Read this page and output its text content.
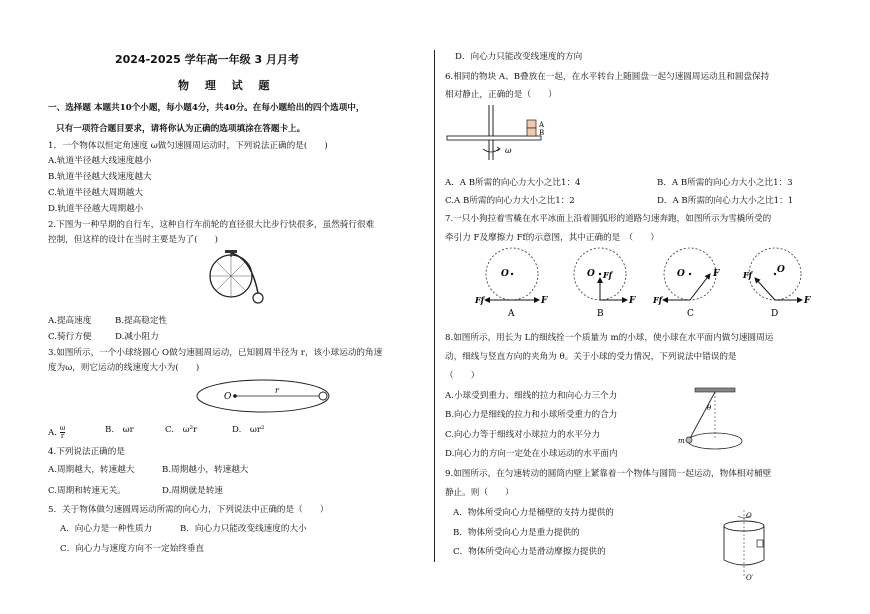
2024-2025 学年高一年级 3 月月考
物 理 试 题
一、选择题 本题共10个小题，每小题4分，共40分。在每小题给出的四个选项中，
只有一项符合题目要求，请将你认为正确的选项填涂在答题卡上。
1．一个物体以恒定角速度 ω做匀速圆周运动时，下列说法正确的是(　　)
A.轨道半径越大线速度越小
B.轨道半径越大线速度越大
C.轨道半径越大周期越大
D.轨道半径越大周期越小
2.下图为一种早期的自行车，这种自行车前轮的直径很大比步行快很多，虽然骑行很难
控制，但这样的设计在当时主要是为了(　　)
A.提高速度	B.提高稳定性
C.骑行方便	D.减小阻力
3.如图所示，一个小球绕圆心 O做匀速圆周运动，已知圆周半径为 r，该小球运动的角速
度为ω，则它运动的线速度大小为(　　)
O
r
A. $\frac{\omega}{r}$	B.　ωr	C.　ω²r	D.　ωr²
4.下列说法正确的是
A.周期越大，转速越大	B.周期越小，转速越大
C.周期和转速无关。	D.周期就是转速
5．关于物体做匀速圆周运动所需的向心力，下列说法中正确的是（　　）
A．向心力是一种性质力	B．向心力只能改变线速度的大小
C．向心力与速度方向不一定始终垂直
D．向心力只能改变线速度的方向
6.相同的物块 A、B叠放在一起，在水平转台上随圆盘一起匀速圆周运动且和圆盘保持
相对静止，正确的是（　　）
A
B
ω
A．A B所需的向心力大小之比1：4	B．A B所需的向心力大小之比1：3
C.A B所需的向心力大小之比1：2	D．A B所需的向心力大小之比1：1
7.一只小狗拉着雪橇在水平冰面上沿着圆弧形的道路匀速奔跑，如图所示为雪橇所受的
牵引力 F及摩擦力 Ff的示意图，其中正确的是　（　　）
O
F
Ff
O
F
Ff	O	F
Ff
O
F
Ff
A	B	C	D
8.如图所示，用长为 L的细线拴一个质量为 m的小球，使小球在水平面内做匀速圆周运
动，细线与竖直方向的夹角为 θ。关于小球的受力情况，下列说法中错误的是
（　　）
θ
m
A.小球受到重力、细线的拉力和向心力三个力
B.向心力是细线的拉力和小球所受重力的合力
C.向心力等于细线对小球拉力的水平分力
D.向心力的方向一定处在小球运动的水平面内
9.如图所示，在匀速转动的圆筒内壁上紧靠着一个物体与圆筒一起运动，物体相对桶壁
静止。则（　　）
A．物体所受向心力是桶壁的支持力提供的
B．物体所受向心力是重力提供的
C．物体所受向心力是滑动摩擦力提供的
O
O′
